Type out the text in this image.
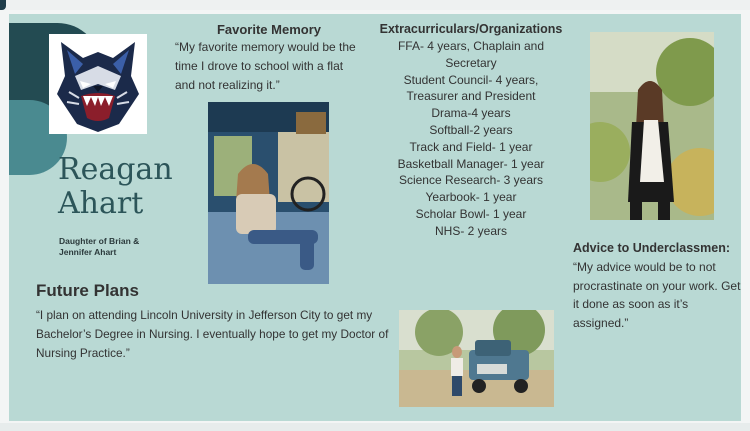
Reagan
Ahart
Daughter of Brian &
Jennifer Ahart
Future Plans
“I plan on attending Lincoln University in Jefferson City to get my Bachelor’s Degree in Nursing. I eventually hope to get my Doctor of Nursing Practice.”
Favorite Memory
“My favorite memory would be the time I drove to school with a flat and not realizing it.”
Extracurriculars/Organizations
FFA- 4 years, Chaplain and Secretary
Student Council- 4 years, Treasurer and President
Drama-4 years
Softball-2 years
Track and Field- 1 year
Basketball Manager- 1 year
Science Research- 3 years
Yearbook- 1 year
Scholar Bowl- 1 year
NHS- 2 years
Advice to Underclassmen:
“My advice would be to not procrastinate on your work. Get it done as soon as it’s assigned.”
